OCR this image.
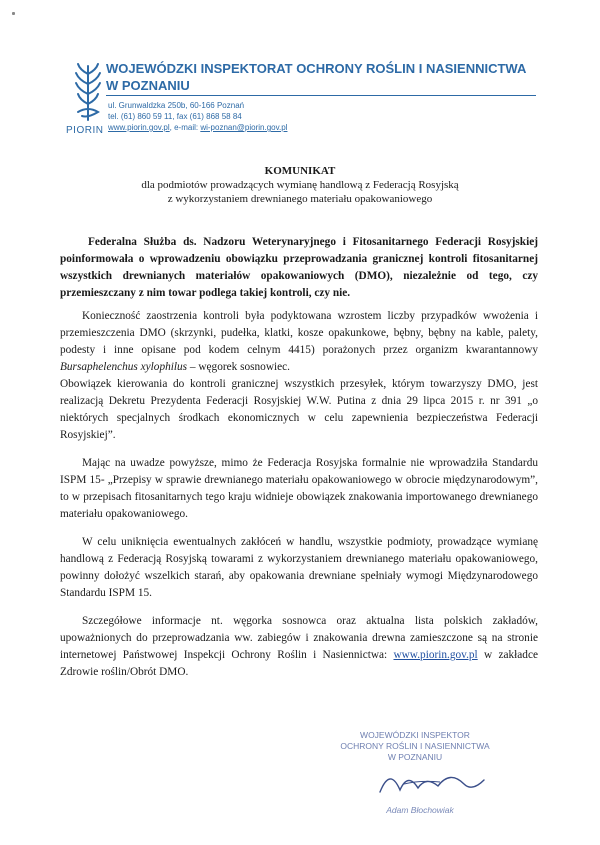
PIORIN
WOJEWÓDZKI INSPEKTORAT OCHRONY ROŚLIN I NASIENNICTWA
W POZNANIU
ul. Grunwaldzka 250b, 60-166 Poznań
tel. (61) 860 59 11, fax (61) 868 58 84
www.piorin.gov.pl, e-mail: wi-poznan@piorin.gov.pl
KOMUNIKAT
dla podmiotów prowadzących wymianę handlową z Federacją Rosyjską
z wykorzystaniem drewnianego materiału opakowaniowego

Federalna Służba ds. Nadzoru Weterynaryjnego i Fitosanitarnego Federacji Rosyjskiej poinformowała o wprowadzeniu obowiązku przeprowadzania granicznej kontroli fitosanitarnej wszystkich drewnianych materiałów opakowaniowych (DMO), niezależnie od tego, czy przemieszczany z nim towar podlega takiej kontroli, czy nie.

Konieczność zaostrzenia kontroli była podyktowana wzrostem liczby przypadków wwożenia i przemieszczenia DMO (skrzynki, pudełka, klatki, kosze opakunkowe, bębny, bębny na kable, palety, podesty i inne opisane pod kodem celnym 4415) porażonych przez organizm kwarantannowy Bursaphelenchus xylophilus – węgorek sosnowiec.

Obowiązek kierowania do kontroli granicznej wszystkich przesyłek, którym towarzyszy DMO, jest realizacją Dekretu Prezydenta Federacji Rosyjskiej W.W. Putina z dnia 29 lipca 2015 r. nr 391 „o niektórych specjalnych środkach ekonomicznych w celu zapewnienia bezpieczeństwa Federacji Rosyjskiej”.

Mając na uwadze powyższe, mimo że Federacja Rosyjska formalnie nie wprowadziła Standardu ISPM 15- „Przepisy w sprawie drewnianego materiału opakowaniowego w obrocie międzynarodowym”, to w przepisach fitosanitarnych tego kraju widnieje obowiązek znakowania importowanego drewnianego materiału opakowaniowego.

W celu uniknięcia ewentualnych zakłóceń w handlu, wszystkie podmioty, prowadzące wymianę handlową z Federacją Rosyjską towarami z wykorzystaniem drewnianego materiału opakowaniowego, powinny dołożyć wszelkich starań, aby opakowania drewniane spełniały wymogi Międzynarodowego Standardu ISPM 15.

Szczegółowe informacje nt. węgorka sosnowca oraz aktualna lista polskich zakładów, upoważnionych do przeprowadzania ww. zabiegów i znakowania drewna zamieszczone są na stronie internetowej Państwowej Inspekcji Ochrony Roślin i Nasiennictwa: www.piorin.gov.pl w zakładce Zdrowie roślin/Obrót DMO.

WOJEWÓDZKI INSPEKTOR
OCHRONY ROŚLIN I NASIENNICTWA
W POZNANIU
Adam Błochowiak
